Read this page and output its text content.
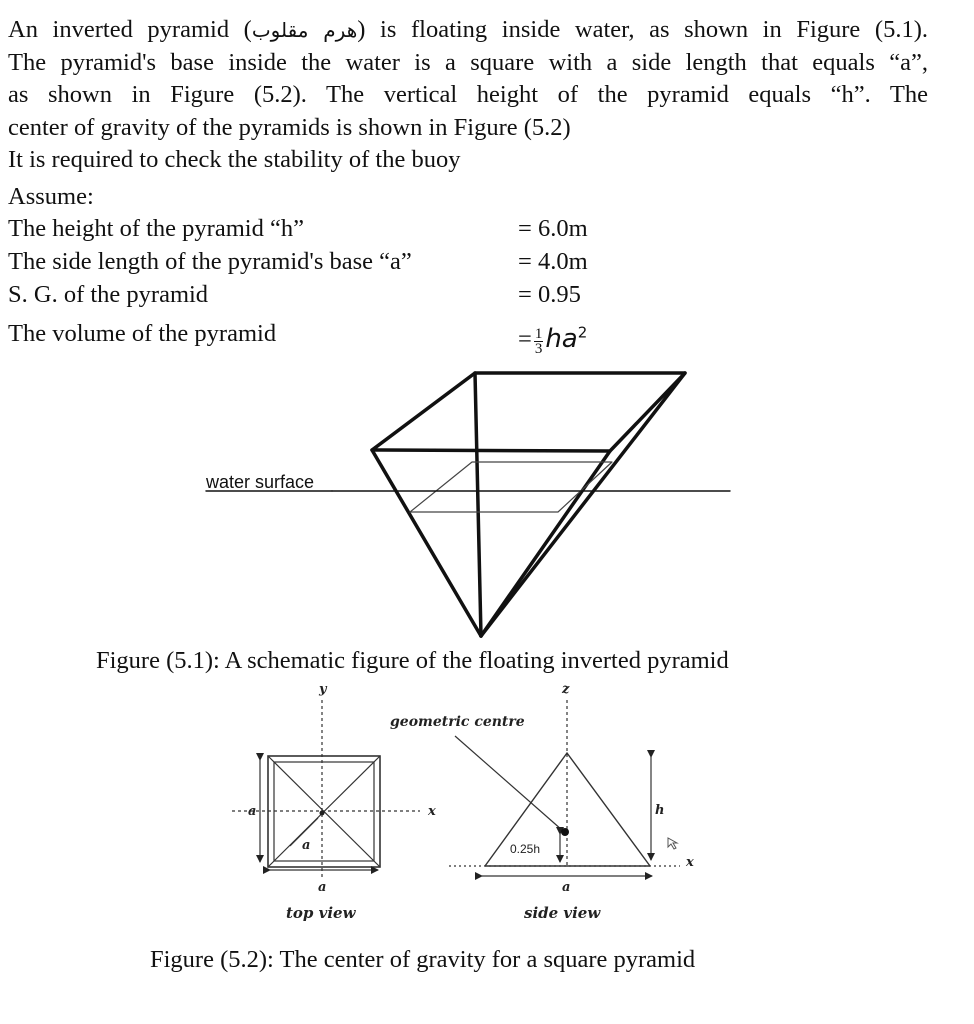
An inverted pyramid (هرم مقلوب) is floating inside water, as shown in Figure (5.1).
The pyramid's base inside the water is a square with a side length that equals “a”,
as shown in Figure (5.2). The vertical height of the pyramid equals “h”. The
center of gravity of the pyramids is shown in Figure (5.2)
It is required to check the stability of the buoy
Assume:
The height of the pyramid “h”	= 6.0m
The side length of the pyramid's base “a”	= 4.0m
S. G. of the pyramid	= 0.95
The volume of the pyramid	= $\frac{1}{3} ha^2$
water surface
Figure (5.1): A schematic figure of the floating inverted pyramid
y
x
z
x
a
a
a	a
h
0.25h
geometric centre
top view	side view
Figure (5.2): The center of gravity for a square pyramid
